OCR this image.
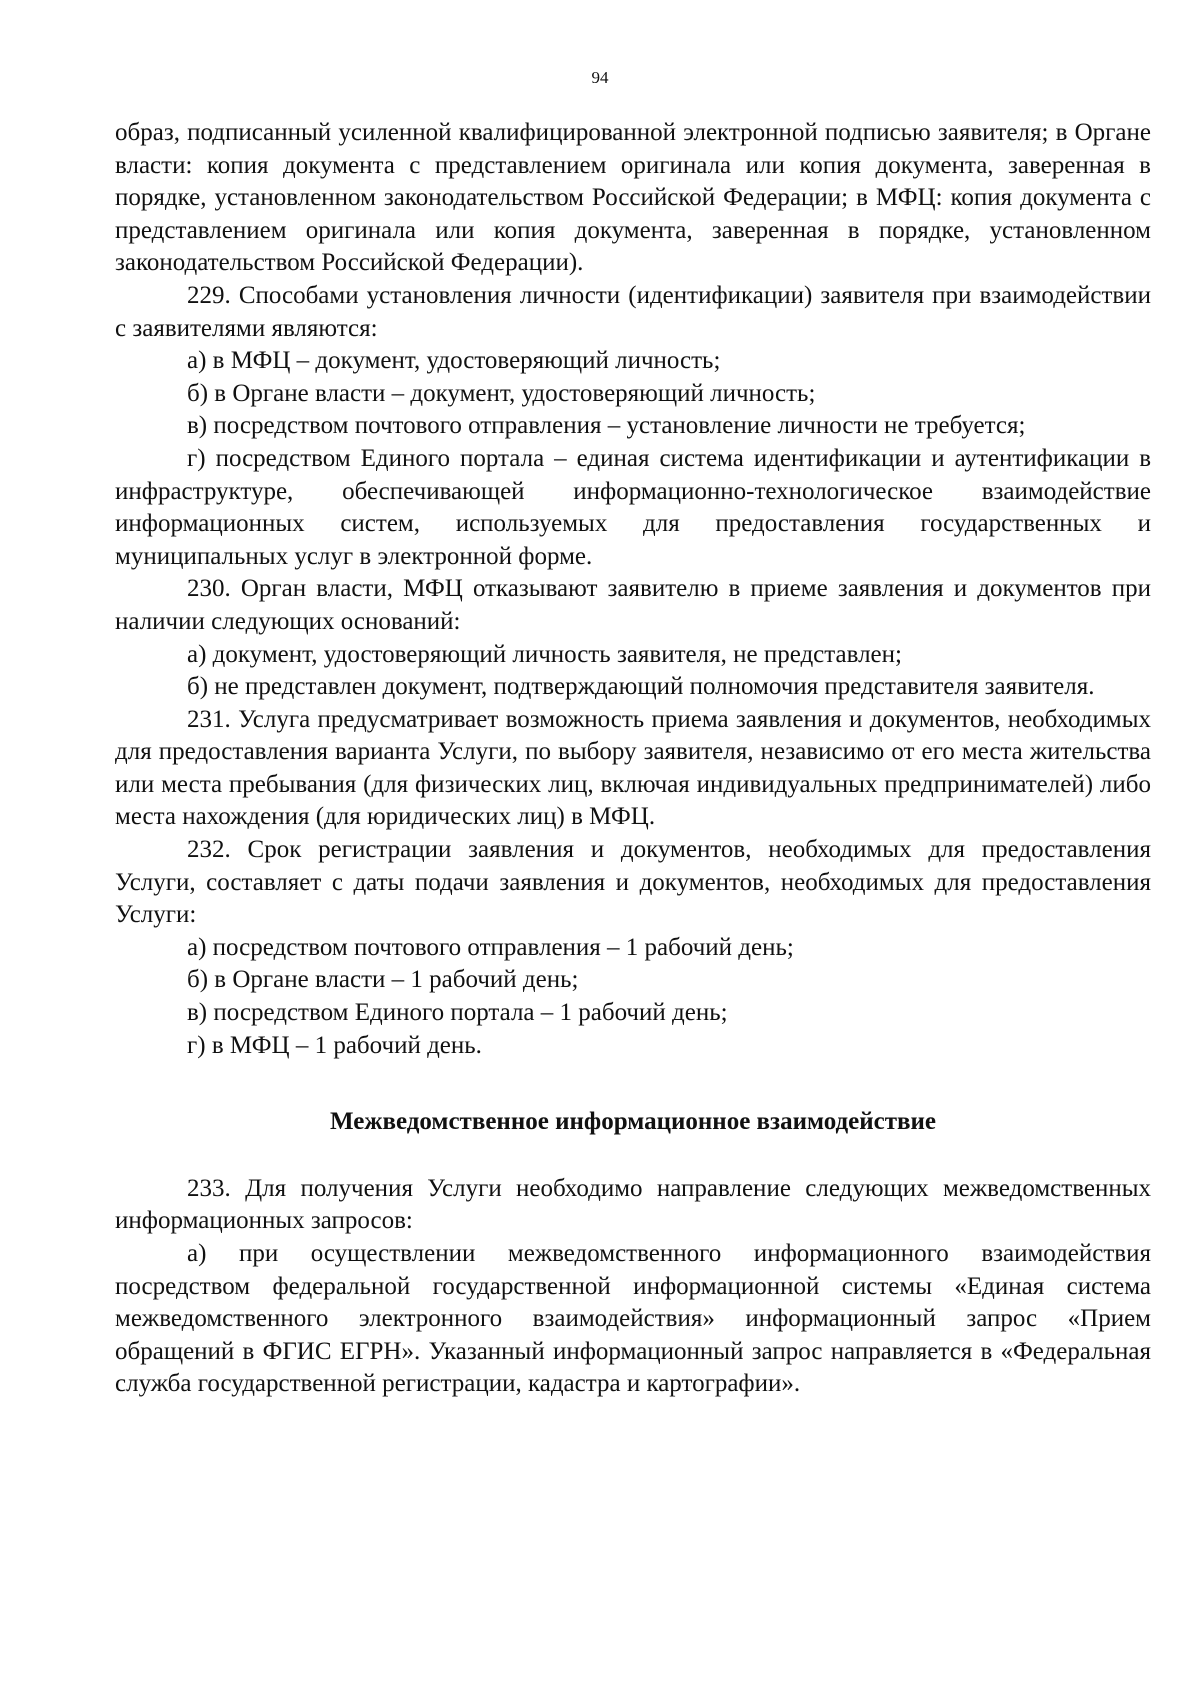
94

образ, подписанный усиленной квалифицированной электронной подписью заявителя; в Органе власти: копия документа с представлением оригинала или копия документа, заверенная в порядке, установленном законодательством Российской Федерации; в МФЦ: копия документа с представлением оригинала или копия документа, заверенная в порядке, установленном законодательством Российской Федерации).

229. Способами установления личности (идентификации) заявителя при взаимодействии с заявителями являются:

а) в МФЦ – документ, удостоверяющий личность;

б) в Органе власти – документ, удостоверяющий личность;

в) посредством почтового отправления – установление личности не требуется;

г) посредством Единого портала – единая система идентификации и аутентификации в инфраструктуре, обеспечивающей информационно-технологическое взаимодействие информационных систем, используемых для предоставления государственных и муниципальных услуг в электронной форме.

230. Орган власти, МФЦ отказывают заявителю в приеме заявления и документов при наличии следующих оснований:

а) документ, удостоверяющий личность заявителя, не представлен;

б) не представлен документ, подтверждающий полномочия представителя заявителя.

231. Услуга предусматривает возможность приема заявления и документов, необходимых для предоставления варианта Услуги, по выбору заявителя, независимо от его места жительства или места пребывания (для физических лиц, включая индивидуальных предпринимателей) либо места нахождения (для юридических лиц) в МФЦ.

232. Срок регистрации заявления и документов, необходимых для предоставления Услуги, составляет с даты подачи заявления и документов, необходимых для предоставления Услуги:

а) посредством почтового отправления – 1 рабочий день;

б) в Органе власти – 1 рабочий день;

в) посредством Единого портала – 1 рабочий день;

г) в МФЦ – 1 рабочий день.

Межведомственное информационное взаимодействие

233. Для получения Услуги необходимо направление следующих межведомственных информационных запросов:

а) при осуществлении межведомственного информационного взаимодействия посредством федеральной государственной информационной системы «Единая система межведомственного электронного взаимодействия» информационный запрос «Прием обращений в ФГИС ЕГРН». Указанный информационный запрос направляется в «Федеральная служба государственной регистрации, кадастра и картографии».
